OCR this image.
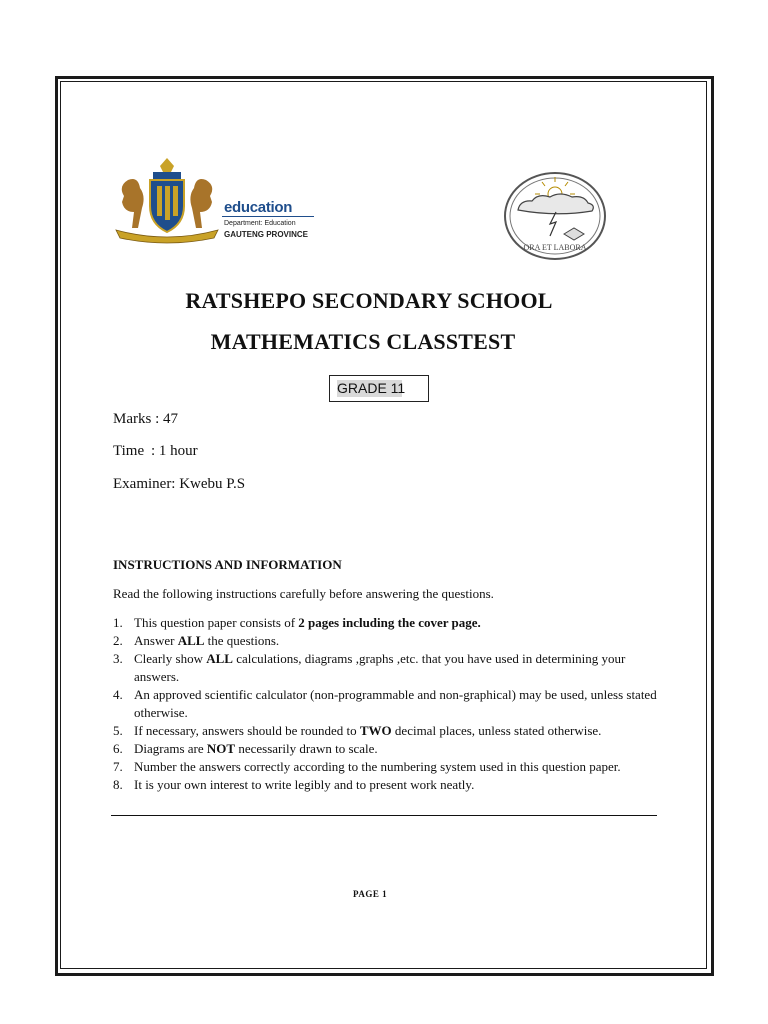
education
Department: Education
GAUTENG PROVINCE
ORA ET LABORA
RATSHEPO SECONDARY SCHOOL
MATHEMATICS CLASSTEST
GRADE 11
Marks : 47
Time : 1 hour
Examiner: Kwebu P.S
INSTRUCTIONS AND INFORMATION
Read the following instructions carefully before answering the questions.
1. This question paper consists of 2 pages including the cover page.
2. Answer ALL the questions.
3. Clearly show ALL calculations, diagrams ,graphs ,etc. that you have used in determining your answers.
4. An approved scientific calculator (non-programmable and non-graphical) may be used, unless stated otherwise.
5. If necessary, answers should be rounded to TWO decimal places, unless stated otherwise.
6. Diagrams are NOT necessarily drawn to scale.
7. Number the answers correctly according to the numbering system used in this question paper.
8. It is your own interest to write legibly and to present work neatly.
PAGE 1
